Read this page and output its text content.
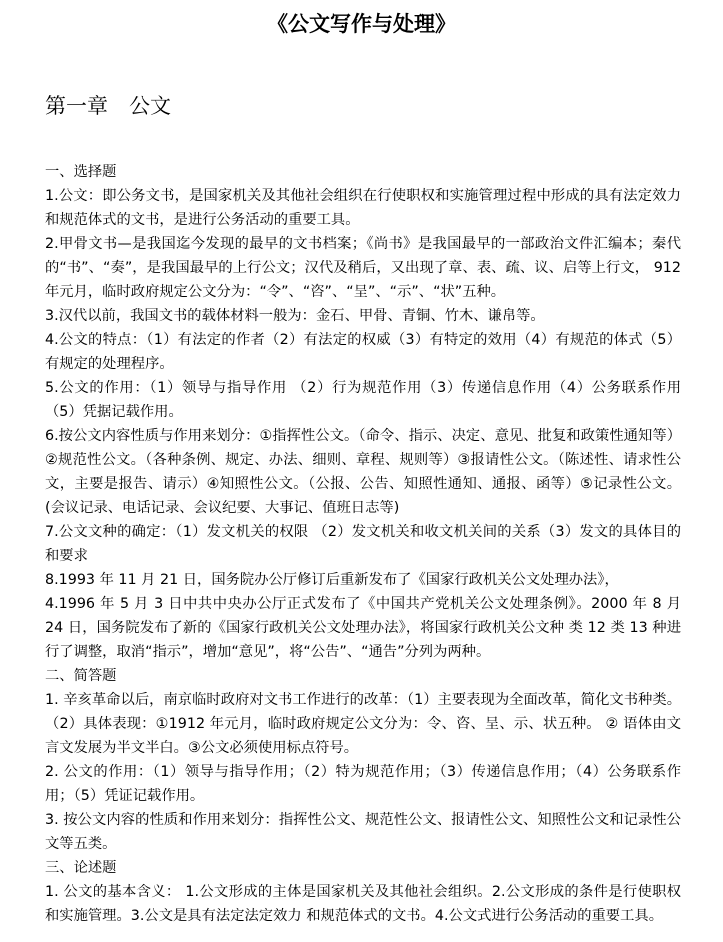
《公文写作与处理》
第一章　公文

一、选择题

1.公文：即公务文书，是国家机关及其他社会组织在行使职权和实施管理过程中形成的具有法定效力和规范体式的文书，是进行公务活动的重要工具。

2.甲骨文书—是我国迄今发现的最早的文书档案；《尚书》是我国最早的一部政治文件汇编本；秦代的“书”、“奏”，是我国最早的上行公文；汉代及稍后，又出现了章、表、疏、议、启等上行文， 912 年元月，临时政府规定公文分为：“令”、“咨”、“呈”、“示”、“状”五种。

3.汉代以前，我国文书的载体材料一般为：金石、甲骨、青铜、竹木、谦帛等。

4.公文的特点：（1）有法定的作者（2）有法定的权威（3）有特定的效用（4）有规范的体式（5）有规定的处理程序。

5.公文的作用：（1）领导与指导作用 （2）行为规范作用（3）传递信息作用（4）公务联系作用 （5）凭据记载作用。

6.按公文内容性质与作用来划分：①指挥性公文。（命令、指示、决定、意见、批复和政策性通知等）②规范性公文。（各种条例、规定、办法、细则、章程、规则等）③报请性公文。（陈述性、请求性公文，主要是报告、请示）④知照性公文。（公报、公告、知照性通知、通报、函等）⑤记录性公文。(会议记录、电话记录、会议纪要、大事记、值班日志等)

7.公文文种的确定：（1）发文机关的权限 （2）发文机关和收文机关间的关系（3）发文的具体目的和要求

8.1993 年 11 月 21 日，国务院办公厅修订后重新发布了《国家行政机关公文处理办法》，

4.1996 年 5 月 3 日中共中央办公厅正式发布了《中国共产党机关公文处理条例》。2000 年 8 月 24 日，国务院发布了新的《国家行政机关公文处理办法》，将国家行政机关公文种 类 12 类 13 种进行了调整，取消“指示”，增加“意见”，将“公告”、“通告”分列为两种。

二、简答题

1. 辛亥革命以后，南京临时政府对文书工作进行的改革：（1）主要表现为全面改革，简化文书种类。（2）具体表现：①1912 年元月，临时政府规定公文分为：令、咨、呈、示、状五种。 ② 语体由文言文发展为半文半白。③公文必须使用标点符号。

2. 公文的作用：（1）领导与指导作用；（2）特为规范作用；（3）传递信息作用；（4）公务联系作用；（5）凭证记载作用。

3. 按公文内容的性质和作用来划分：指挥性公文、规范性公文、报请性公文、知照性公文和记录性公文等五类。

三、论述题

1. 公文的基本含义： 1.公文形成的主体是国家机关及其他社会组织。2.公文形成的条件是行使职权和实施管理。3.公文是具有法定法定效力 和规范体式的文书。4.公文式进行公务活动的重要工具。
